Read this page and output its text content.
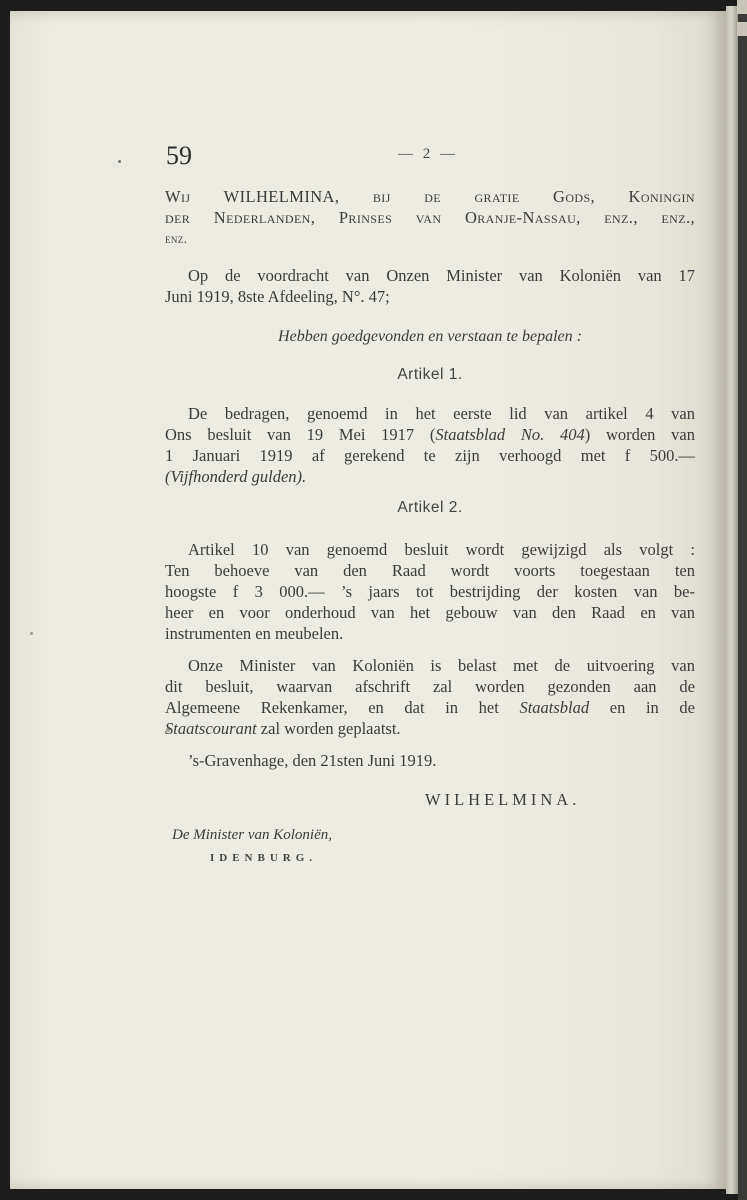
59	— 2 —

Wij WILHELMINA, bij de gratie Gods, Koningin

der Nederlanden, Prinses van Oranje-Nassau, enz., enz.,

enz.

Op de voordracht van Onzen Minister van Koloniën van 17

Juni 1919, 8ste Afdeeling, N°. 47;

Hebben goedgevonden en verstaan te bepalen :

Artikel 1.

De bedragen, genoemd in het eerste lid van artikel 4 van

Ons besluit van 19 Mei 1917 (Staatsblad No. 404) worden van

1 Januari 1919 af gerekend te zijn verhoogd met f 500.—

(Vijfhonderd gulden).

Artikel 2.

Artikel 10 van genoemd besluit wordt gewijzigd als volgt :

Ten behoeve van den Raad wordt voorts toegestaan ten

hoogste f 3 000.— ’s jaars tot bestrijding der kosten van be-

heer en voor onderhoud van het gebouw van den Raad en van

instrumenten en meubelen.

Onze Minister van Koloniën is belast met de uitvoering van

dit besluit, waarvan afschrift zal worden gezonden aan de

Algemeene Rekenkamer, en dat in het Staatsblad en in de

Staatscourant zal worden geplaatst.

’s-Gravenhage, den 21sten Juni 1919.

WILHELMINA.

De Minister van Koloniën,

IDENBURG.
